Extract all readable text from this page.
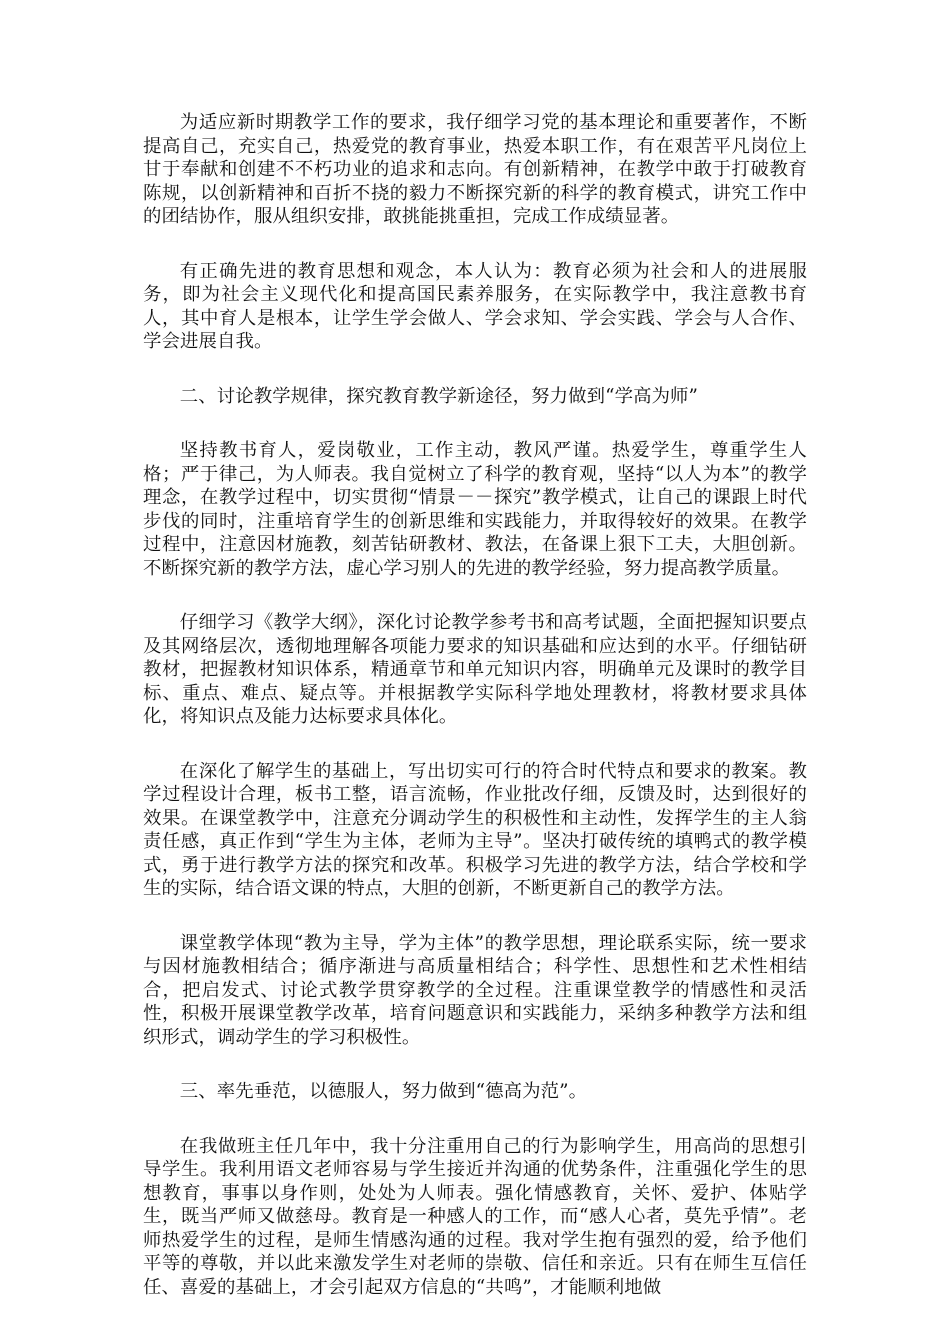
为适应新时期教学工作的要求，我仔细学习党的基本理论和重要著作，不断提高自己，充实自己，热爱党的教育事业，热爱本职工作，有在艰苦平凡岗位上甘于奉献和创建不不朽功业的追求和志向。有创新精神，在教学中敢于打破教育陈规，以创新精神和百折不挠的毅力不断探究新的科学的教育模式，讲究工作中的团结协作，服从组织安排，敢挑能挑重担，完成工作成绩显著。

有正确先进的教育思想和观念，本人认为：教育必须为社会和人的进展服务，即为社会主义现代化和提高国民素养服务，在实际教学中，我注意教书育人，其中育人是根本，让学生学会做人、学会求知、学会实践、学会与人合作、学会进展自我。

二、讨论教学规律，探究教育教学新途径，努力做到“学高为师”

坚持教书育人，爱岗敬业，工作主动，教风严谨。热爱学生，尊重学生人格；严于律己，为人师表。我自觉树立了科学的教育观，坚持“以人为本”的教学理念，在教学过程中，切实贯彻“情景－－探究”教学模式，让自己的课跟上时代步伐的同时，注重培育学生的创新思维和实践能力，并取得较好的效果。在教学过程中，注意因材施教，刻苦钻研教材、教法，在备课上狠下工夫，大胆创新。不断探究新的教学方法，虚心学习别人的先进的教学经验，努力提高教学质量。

仔细学习《教学大纲》，深化讨论教学参考书和高考试题，全面把握知识要点及其网络层次，透彻地理解各项能力要求的知识基础和应达到的水平。仔细钻研教材，把握教材知识体系，精通章节和单元知识内容，明确单元及课时的教学目标、重点、难点、疑点等。并根据教学实际科学地处理教材，将教材要求具体化，将知识点及能力达标要求具体化。

在深化了解学生的基础上，写出切实可行的符合时代特点和要求的教案。教学过程设计合理，板书工整，语言流畅，作业批改仔细，反馈及时，达到很好的效果。在课堂教学中，注意充分调动学生的积极性和主动性，发挥学生的主人翁责任感，真正作到“学生为主体，老师为主导”。坚决打破传统的填鸭式的教学模式，勇于进行教学方法的探究和改革。积极学习先进的教学方法，结合学校和学生的实际，结合语文课的特点，大胆的创新，不断更新自己的教学方法。

课堂教学体现“教为主导，学为主体”的教学思想，理论联系实际，统一要求与因材施教相结合；循序渐进与高质量相结合；科学性、思想性和艺术性相结合，把启发式、讨论式教学贯穿教学的全过程。注重课堂教学的情感性和灵活性，积极开展课堂教学改革，培育问题意识和实践能力，采纳多种教学方法和组织形式，调动学生的学习积极性。

三、率先垂范，以德服人，努力做到“德高为范”。

在我做班主任几年中，我十分注重用自己的行为影响学生，用高尚的思想引导学生。我利用语文老师容易与学生接近并沟通的优势条件，注重强化学生的思想教育，事事以身作则，处处为人师表。强化情感教育，关怀、爱护、体贴学生，既当严师又做慈母。教育是一种感人的工作，而“感人心者，莫先乎情”。老师热爱学生的过程，是师生情感沟通的过程。我对学生抱有强烈的爱，给予他们平等的尊敬，并以此来激发学生对老师的崇敬、信任和亲近。只有在师生互信任任、喜爱的基础上，才会引起双方信息的“共鸣”，才能顺利地做
